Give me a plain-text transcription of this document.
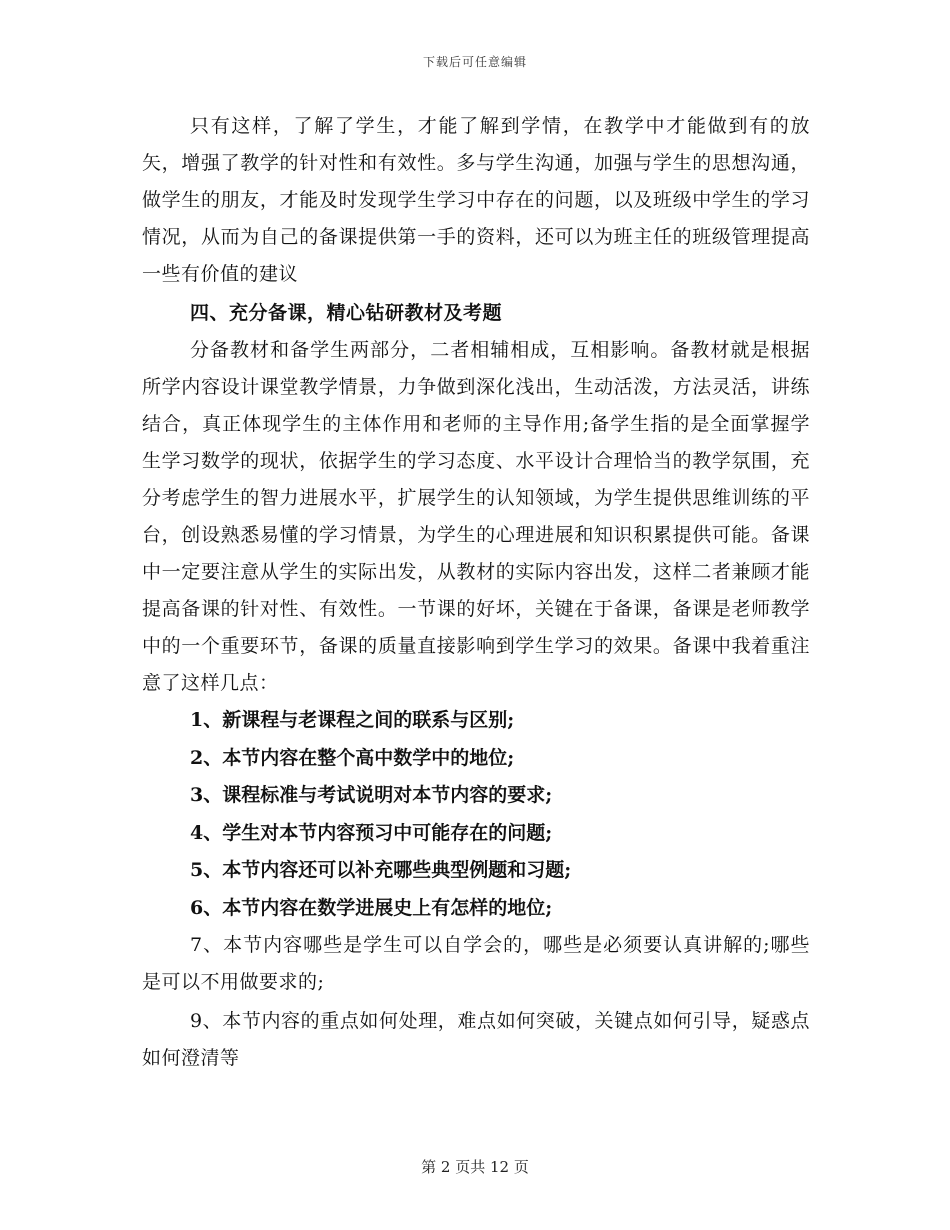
下载后可任意编辑

只有这样，了解了学生，才能了解到学情，在教学中才能做到有的放矢，增强了教学的针对性和有效性。多与学生沟通，加强与学生的思想沟通，做学生的朋友，才能及时发现学生学习中存在的问题，以及班级中学生的学习情况，从而为自己的备课提供第一手的资料，还可以为班主任的班级管理提高一些有价值的建议

四、充分备课，精心钻研教材及考题

分备教材和备学生两部分，二者相辅相成，互相影响。备教材就是根据所学内容设计课堂教学情景，力争做到深化浅出，生动活泼，方法灵活，讲练结合，真正体现学生的主体作用和老师的主导作用;备学生指的是全面掌握学生学习数学的现状，依据学生的学习态度、水平设计合理恰当的教学氛围，充分考虑学生的智力进展水平，扩展学生的认知领域，为学生提供思维训练的平台，创设熟悉易懂的学习情景，为学生的心理进展和知识积累提供可能。备课中一定要注意从学生的实际出发，从教材的实际内容出发，这样二者兼顾才能提高备课的针对性、有效性。一节课的好坏，关键在于备课，备课是老师教学中的一个重要环节，备课的质量直接影响到学生学习的效果。备课中我着重注意了这样几点：

1、新课程与老课程之间的联系与区别;

2、本节内容在整个高中数学中的地位;

3、课程标准与考试说明对本节内容的要求;

4、学生对本节内容预习中可能存在的问题;

5、本节内容还可以补充哪些典型例题和习题;

6、本节内容在数学进展史上有怎样的地位;

7、本节内容哪些是学生可以自学会的，哪些是必须要认真讲解的;哪些是可以不用做要求的;

9、本节内容的重点如何处理，难点如何突破，关键点如何引导，疑惑点如何澄清等

第 2 页共 12 页
